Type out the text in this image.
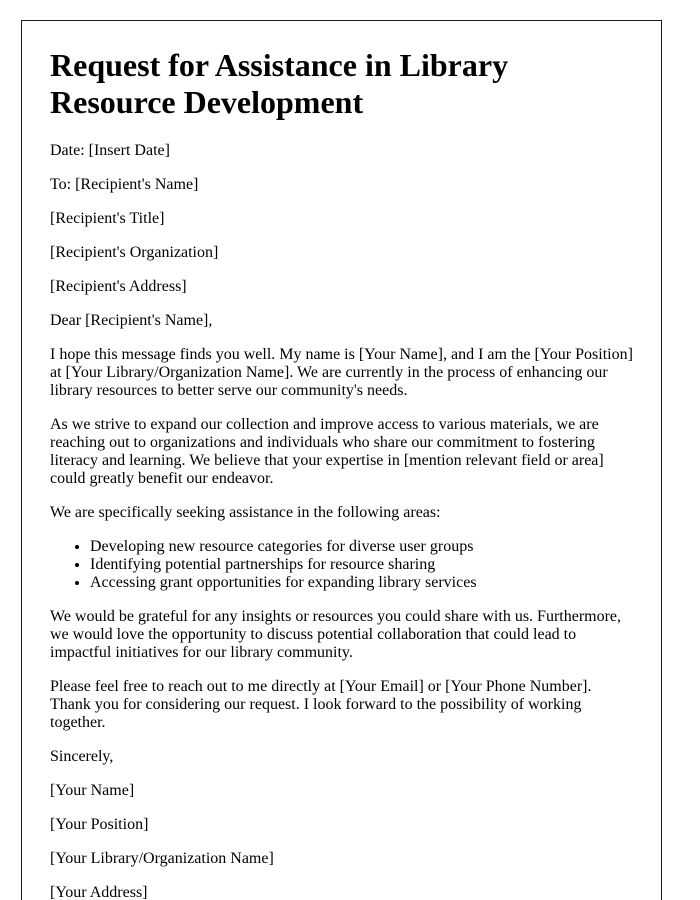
Request for Assistance in Library Resource Development

Date: [Insert Date]

To: [Recipient's Name]

[Recipient's Title]

[Recipient's Organization]

[Recipient's Address]

Dear [Recipient's Name],

I hope this message finds you well. My name is [Your Name], and I am the [Your Position] at [Your Library/Organization Name]. We are currently in the process of enhancing our library resources to better serve our community's needs.

As we strive to expand our collection and improve access to various materials, we are reaching out to organizations and individuals who share our commitment to fostering literacy and learning. We believe that your expertise in [mention relevant field or area] could greatly benefit our endeavor.

We are specifically seeking assistance in the following areas:

• Developing new resource categories for diverse user groups
• Identifying potential partnerships for resource sharing
• Accessing grant opportunities for expanding library services

We would be grateful for any insights or resources you could share with us. Furthermore, we would love the opportunity to discuss potential collaboration that could lead to impactful initiatives for our library community.

Please feel free to reach out to me directly at [Your Email] or [Your Phone Number]. Thank you for considering our request. I look forward to the possibility of working together.

Sincerely,

[Your Name]

[Your Position]

[Your Library/Organization Name]

[Your Address]
